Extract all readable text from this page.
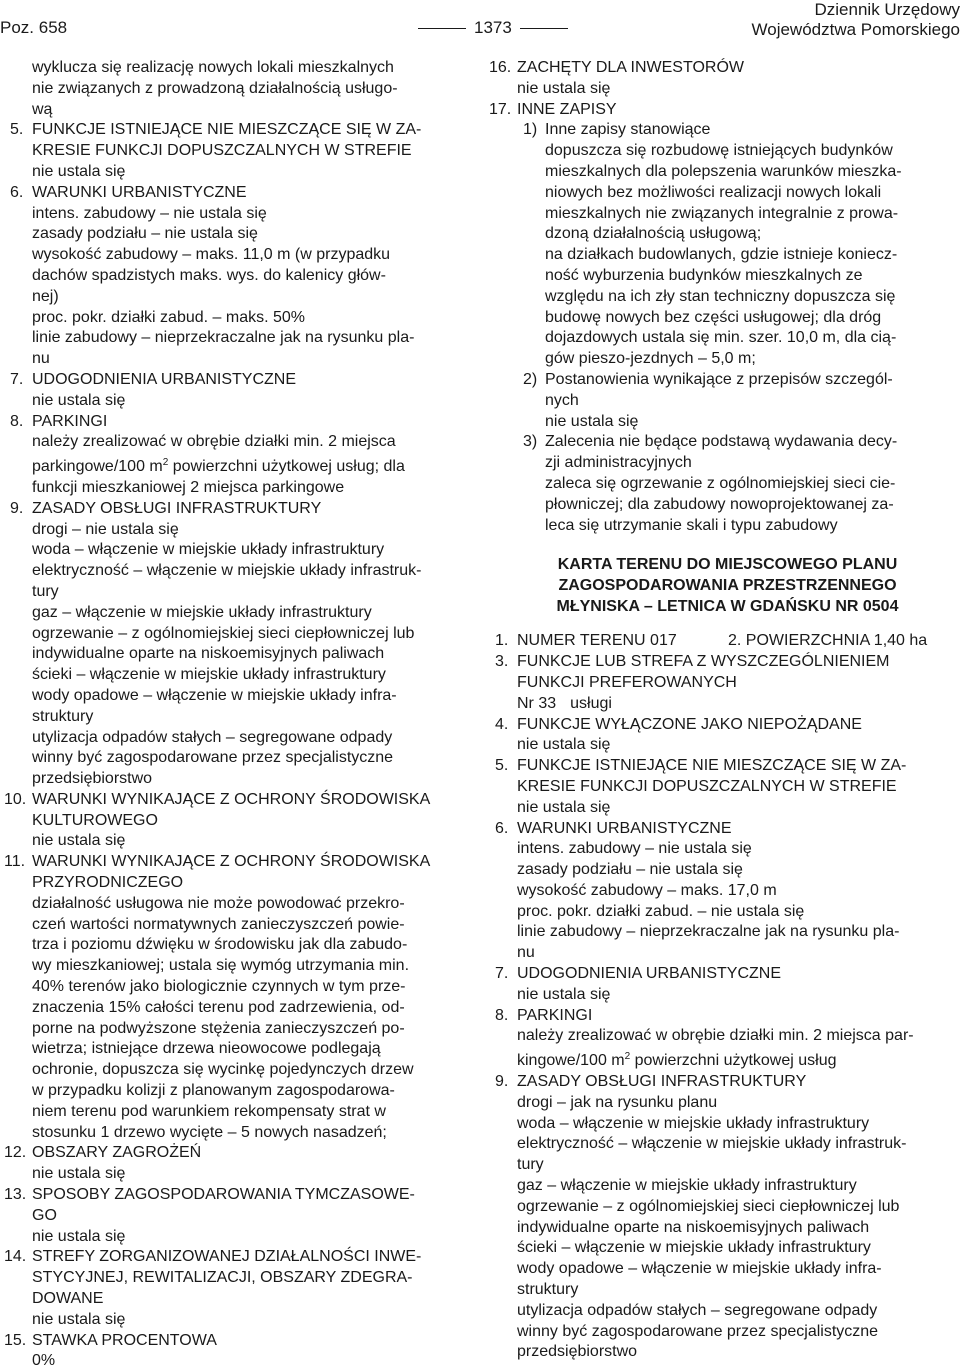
Poz. 658	1373
Dziennik Urzędowy
Województwa Pomorskiego

wyklucza się realizację nowych lokali mieszkalnych

nie związanych z prowadzoną działalnością usługo-

wą

5. FUNKCJE ISTNIEJĄCE NIE MIESZCZĄCE SIĘ W ZA-

KRESIE FUNKCJI DOPUSZCZALNYCH W STREFIE

nie ustala się

6. WARUNKI URBANISTYCZNE

intens. zabudowy – nie ustala się

zasady podziału – nie ustala się

wysokość zabudowy – maks. 11,0 m (w przypadku

dachów spadzistych maks. wys. do kalenicy głów-

nej)

proc. pokr. działki zabud. – maks. 50%

linie zabudowy – nieprzekraczalne jak na rysunku pla-

nu

7. UDOGODNIENIA URBANISTYCZNE

nie ustala się

8. PARKINGI

należy zrealizować w obrębie działki min. 2 miejsca

parkingowe/100 $m^2$ powierzchni użytkowej usług; dla

funkcji mieszkaniowej 2 miejsca parkingowe

9. ZASADY OBSŁUGI INFRASTRUKTURY

drogi – nie ustala się

woda – włączenie w miejskie układy infrastruktury

elektryczność – włączenie w miejskie układy infrastruk-

tury

gaz – włączenie w miejskie układy infrastruktury

ogrzewanie – z ogólnomiejskiej sieci ciepłowniczej lub

indywidualne oparte na niskoemisyjnych paliwach

ścieki – włączenie w miejskie układy infrastruktury

wody opadowe – włączenie w miejskie układy infra-

struktury

utylizacja odpadów stałych – segregowane odpady

winny być zagospodarowane przez specjalistyczne

przedsiębiorstwo

10. WARUNKI WYNIKAJĄCE Z OCHRONY ŚRODOWISKA

KULTUROWEGO

nie ustala się

11. WARUNKI WYNIKAJĄCE Z OCHRONY ŚRODOWISKA

PRZYRODNICZEGO

działalność usługowa nie może powodować przekro-

czeń wartości normatywnych zanieczyszczeń powie-

trza i poziomu dźwięku w środowisku jak dla zabudo-

wy mieszkaniowej; ustala się wymóg utrzymania min.

40% terenów jako biologicznie czynnych w tym prze-

znaczenia 15% całości terenu pod zadrzewienia, od-

porne na podwyższone stężenia zanieczyszczeń po-

wietrza; istniejące drzewa nieowocowe podlegają

ochronie, dopuszcza się wycinkę pojedynczych drzew

w przypadku kolizji z planowanym zagospodarowa-

niem terenu pod warunkiem rekompensaty strat w

stosunku 1 drzewo wycięte – 5 nowych nasadzeń;

12. OBSZARY ZAGROŻEŃ

nie ustala się

13. SPOSOBY ZAGOSPODAROWANIA TYMCZASOWE-

GO

nie ustala się

14. STREFY ZORGANIZOWANEJ DZIAŁALNOŚCI INWE-

STYCYJNEJ, REWITALIZACJI, OBSZARY ZDEGRA-

DOWANE

nie ustala się

15. STAWKA PROCENTOWA

0%

16. ZACHĘTY DLA INWESTORÓW

nie ustala się

17. INNE ZAPISY

1) Inne zapisy stanowiące

dopuszcza się rozbudowę istniejących budynków

mieszkalnych dla polepszenia warunków mieszka-

niowych bez możliwości realizacji nowych lokali

mieszkalnych nie związanych integralnie z prowa-

dzoną działalnością usługową;

na działkach budowlanych, gdzie istnieje koniecz-

ność wyburzenia budynków mieszkalnych ze

względu na ich zły stan techniczny dopuszcza się

budowę nowych bez części usługowej; dla dróg

dojazdowych ustala się min. szer. 10,0 m, dla cią-

gów pieszo-jezdnych – 5,0 m;

2) Postanowienia wynikające z przepisów szczegól-

nych

nie ustala się

3) Zalecenia nie będące podstawą wydawania decy-

zji administracyjnych

zaleca się ogrzewanie z ogólnomiejskiej sieci cie-

płowniczej; dla zabudowy nowoprojektowanej za-

leca się utrzymanie skali i typu zabudowy

KARTA TERENU DO MIEJSCOWEGO PLANU
ZAGOSPODAROWANIA PRZESTRZENNEGO
MŁYNISKA – LETNICA W GDAŃSKU NR 0504

1. NUMER TERENU 017	2. POWIERZCHNIA 1,40 ha

3. FUNKCJE LUB STREFA Z WYSZCZEGÓLNIENIEM

FUNKCJI PREFEROWANYCH

Nr 33 usługi

4. FUNKCJE WYŁĄCZONE JAKO NIEPOŻĄDANE

nie ustala się

5. FUNKCJE ISTNIEJĄCE NIE MIESZCZĄCE SIĘ W ZA-

KRESIE FUNKCJI DOPUSZCZALNYCH W STREFIE

nie ustala się

6. WARUNKI URBANISTYCZNE

intens. zabudowy – nie ustala się

zasady podziału – nie ustala się

wysokość zabudowy – maks. 17,0 m

proc. pokr. działki zabud. – nie ustala się

linie zabudowy – nieprzekraczalne jak na rysunku pla-

nu

7. UDOGODNIENIA URBANISTYCZNE

nie ustala się

8. PARKINGI

należy zrealizować w obrębie działki min. 2 miejsca par-

kingowe/100 $m^2$ powierzchni użytkowej usług

9. ZASADY OBSŁUGI INFRASTRUKTURY

drogi – jak na rysunku planu

woda – włączenie w miejskie układy infrastruktury

elektryczność – włączenie w miejskie układy infrastruk-

tury

gaz – włączenie w miejskie układy infrastruktury

ogrzewanie – z ogólnomiejskiej sieci ciepłowniczej lub

indywidualne oparte na niskoemisyjnych paliwach

ścieki – włączenie w miejskie układy infrastruktury

wody opadowe – włączenie w miejskie układy infra-

struktury

utylizacja odpadów stałych – segregowane odpady

winny być zagospodarowane przez specjalistyczne

przedsiębiorstwo
